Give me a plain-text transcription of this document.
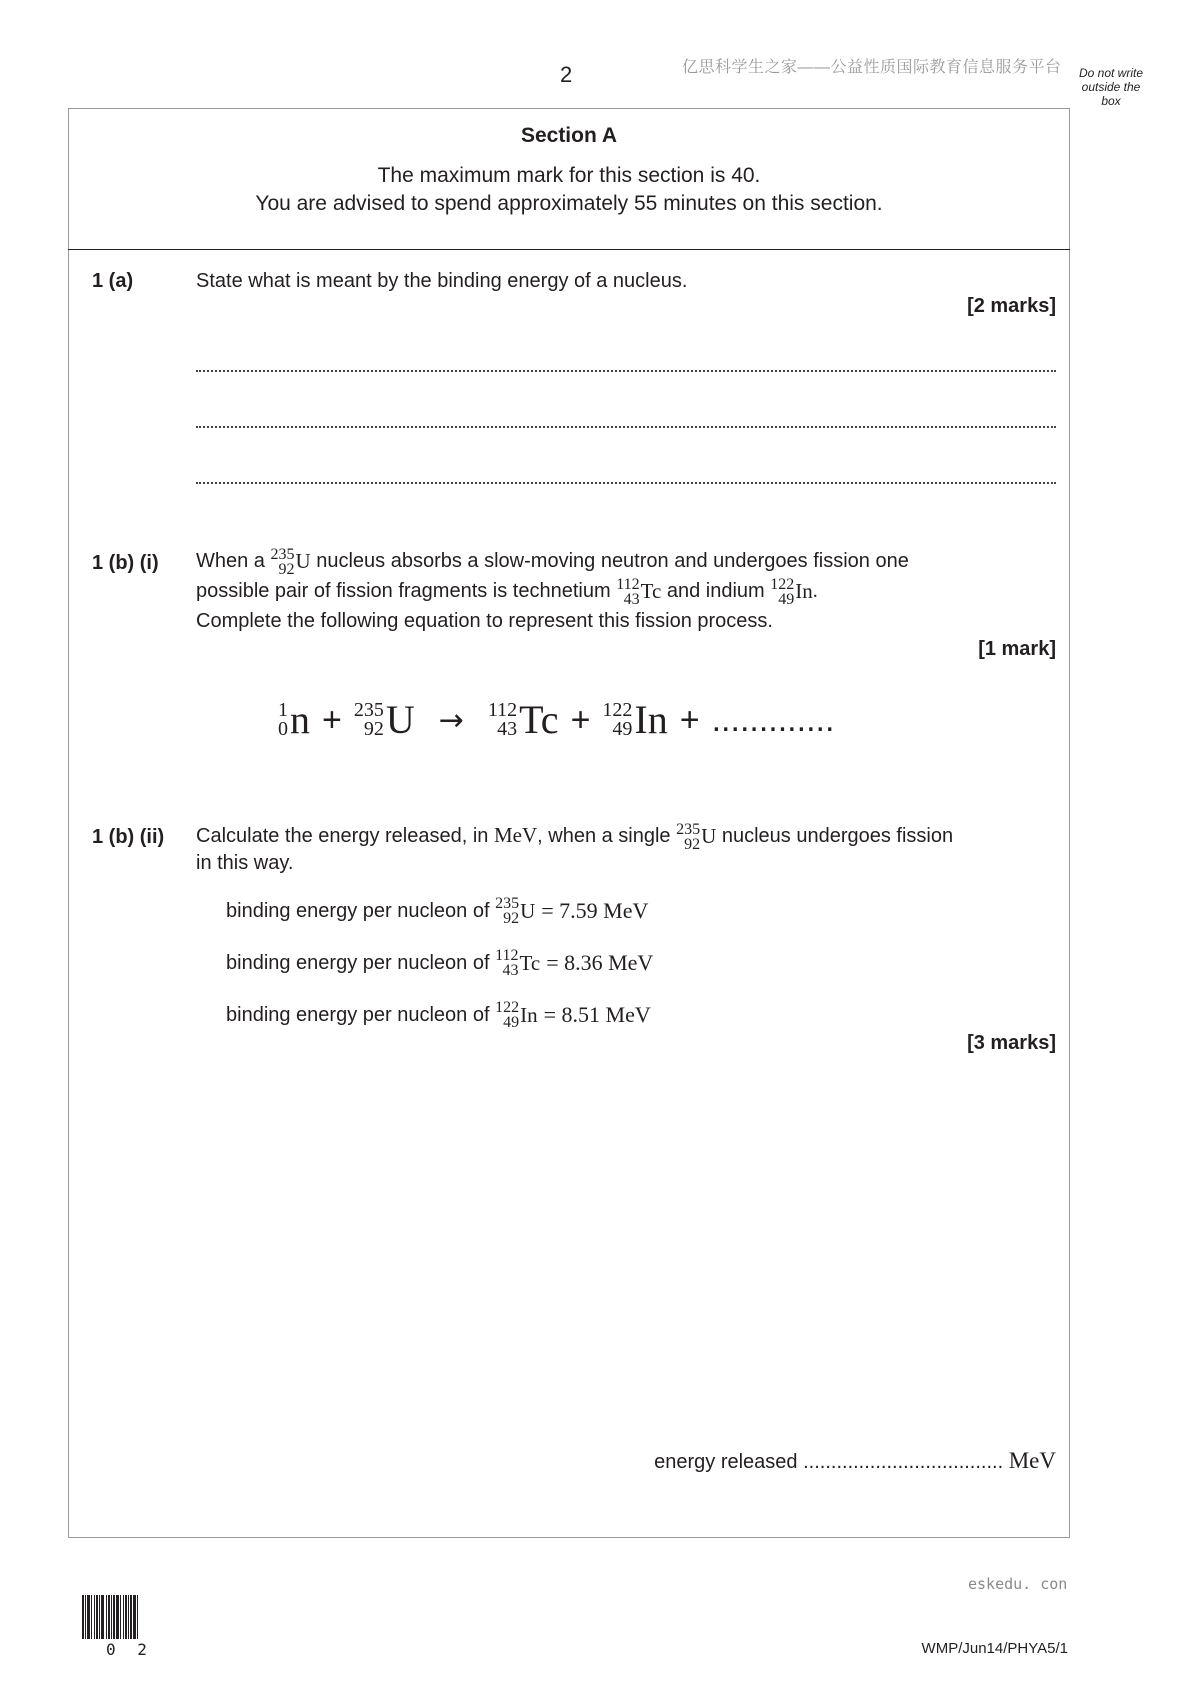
2	亿思科学生之家——公益性质国际教育信息服务平台	Do not write
outside the
box
Section A
The maximum mark for this section is 40.
You are advised to spend approximately 55 minutes on this section.
1 (a)	State what is meant by the binding energy of a nucleus.
[2 marks]
1 (b) (i) When a 235
92 U nucleus absorbs a slow-moving neutron and undergoes fission one
possible pair of fission fragments is technetium 112
43 Tc and indium 122
49 In .
Complete the following equation to represent this fission process.
[1 mark]
1
0 n + 235
92 U → 112
43 Tc + 122
49 In + .............
1 (b) (ii) Calculate the energy released, in MeV, when a single 235
92 U nucleus undergoes fission
in this way.
binding energy per nucleon of
235
92 U = 7.59 MeV
binding energy per nucleon of
112
43 Tc = 8.36 MeV
binding energy per nucleon of
122
49 In = 8.51 MeV
[3 marks]
energy released .................................... MeV
eskedu. con
0 2	WMP/Jun14/PHYA5/1
